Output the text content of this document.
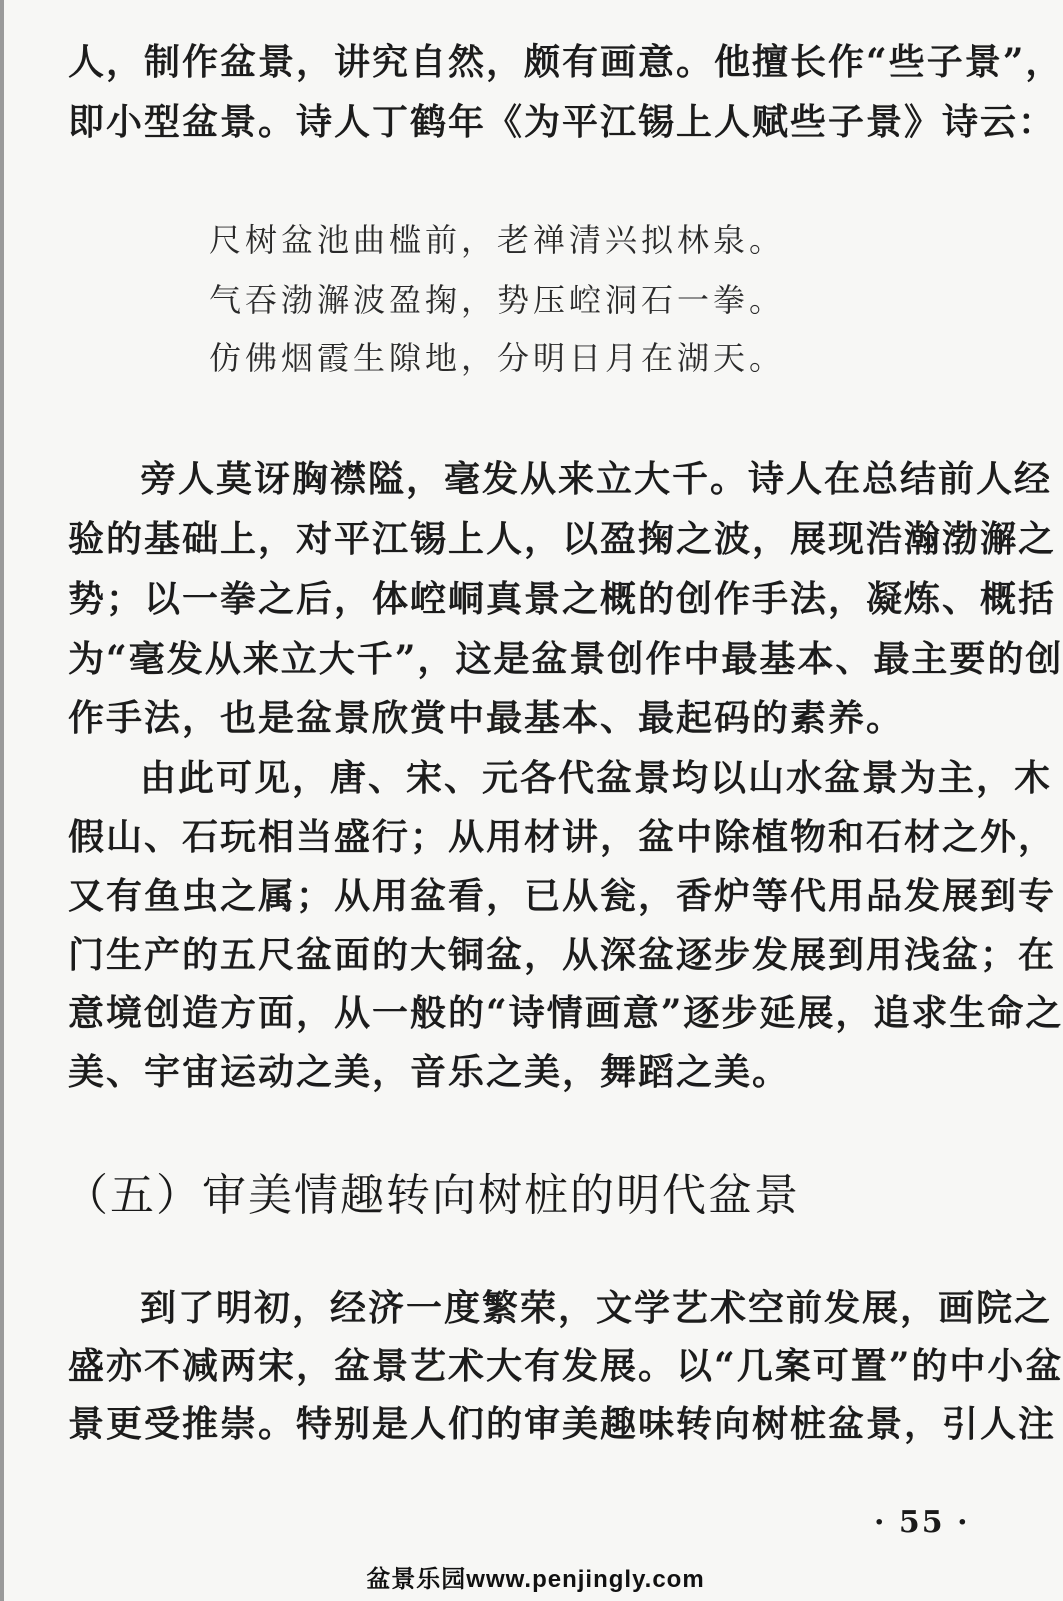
人，制作盆景，讲究自然，颇有画意。他擅长作“些子景”，
即小型盆景。诗人丁鹤年《为平江锡上人赋些子景》诗云：
尺树盆池曲槛前，老禅清兴拟林泉。
气吞渤澥波盈掬，势压崆洞石一拳。
仿佛烟霞生隙地，分明日月在湖天。
旁人莫讶胸襟隘，毫发从来立大千。诗人在总结前人经
验的基础上，对平江锡上人，以盈掬之波，展现浩瀚渤澥之
势；以一拳之后，体崆峒真景之概的创作手法，凝炼、概括
为“毫发从来立大千”，这是盆景创作中最基本、最主要的创
作手法，也是盆景欣赏中最基本、最起码的素养。
由此可见，唐、宋、元各代盆景均以山水盆景为主，木
假山、石玩相当盛行；从用材讲，盆中除植物和石材之外，
又有鱼虫之属；从用盆看，已从瓮，香炉等代用品发展到专
门生产的五尺盆面的大铜盆，从深盆逐步发展到用浅盆；在
意境创造方面，从一般的“诗情画意”逐步延展，追求生命之
美、宇宙运动之美，音乐之美，舞蹈之美。
（五）审美情趣转向树桩的明代盆景
到了明初，经济一度繁荣，文学艺术空前发展，画院之
盛亦不减两宋，盆景艺术大有发展。以“几案可置”的中小盆
景更受推崇。特别是人们的审美趣味转向树桩盆景，引人注
· 55 ·
盆景乐园www.penjingly.com
